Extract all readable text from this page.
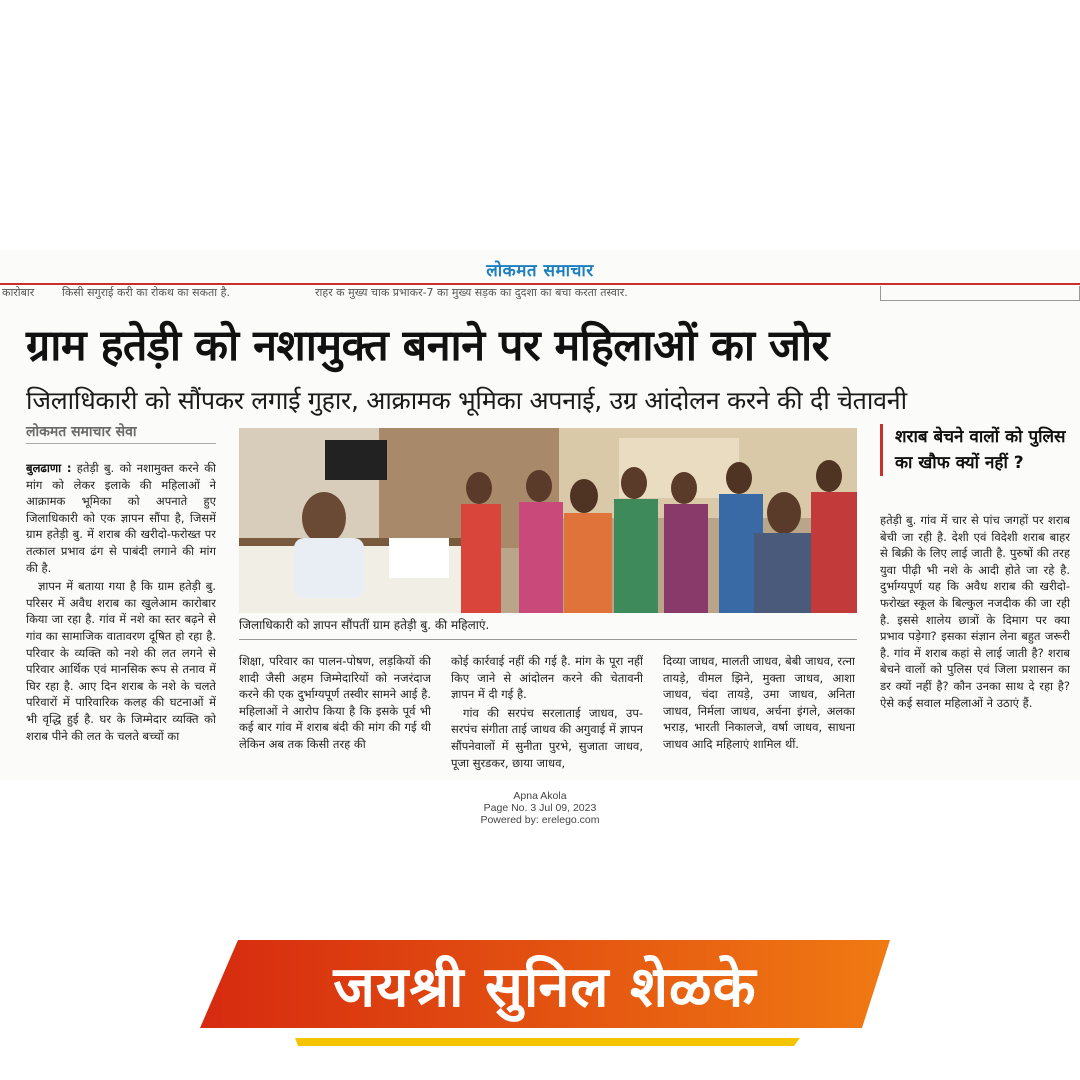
लोकमत समाचार
कारोबार	किसी सगुराई करी का रोकथ का सकता है.	राहर क मुख्य चाक प्रभाकर-7 का मुख्य सड़क का दुदशा का बचा करता तस्वार.
ग्राम हतेड़ी को नशामुक्त बनाने पर महिलाओं का जोर
जिलाधिकारी को सौंपकर लगाई गुहार, आक्रामक भूमिका अपनाई, उग्र आंदोलन करने की दी चेतावनी
लोकमत समाचार सेवा

बुलढाणा : हतेड़ी बु. को नशामुक्त करने की मांग को लेकर इलाके की महिलाओं ने आक्रामक भूमिका को अपनाते हुए जिलाधिकारी को एक ज्ञापन सौंपा है, जिसमें ग्राम हतेड़ी बु. में शराब की खरीदो-फरोख्त पर तत्काल प्रभाव ढंग से पाबंदी लगाने की मांग की है.

ज्ञापन में बताया गया है कि ग्राम हतेड़ी बु. परिसर में अवैध शराब का खुलेआम कारोबार किया जा रहा है. गांव में नशे का स्तर बढ़ने से गांव का सामाजिक वातावरण दूषित हो रहा है. परिवार के व्यक्ति को नशे की लत लगने से परिवार आर्थिक एवं मानसिक रूप से तनाव में घिर रहा है. आए दिन शराब के नशे के चलते परिवारों में पारिवारिक कलह की घटनाओं में भी वृद्धि हुई है. घर के जिम्मेदार व्यक्ति को शराब पीने की लत के चलते बच्चों का

जिलाधिकारी को ज्ञापन सौंपतीं ग्राम हतेड़ी बु. की महिलाएं.

शिक्षा, परिवार का पालन-पोषण, लड़कियों की शादी जैसी अहम जिम्मेदारियों को नजरंदाज करने की एक दुर्भाग्यपूर्ण तस्वीर सामने आई है. महिलाओं ने आरोप किया है कि इसके पूर्व भी कई बार गांव में शराब बंदी की मांग की गई थी लेकिन अब तक किसी तरह की

कोई कार्रवाई नहीं की गई है. मांग के पूरा नहीं किए जाने से आंदोलन करने की चेतावनी ज्ञापन में दी गई है.

गांव की सरपंच सरलाताई जाधव, उप-सरपंच संगीता ताई जाधव की अगुवाई में ज्ञापन सौंपनेवालों में सुनीता पुरभे, सुजाता जाधव, पूजा सुरडकर, छाया जाधव,

दिव्या जाधव, मालती जाधव, बेबी जाधव, रत्ना तायड़े, वीमल झिने, मुक्ता जाधव, आशा जाधव, चंदा तायड़े, उमा जाधव, अनिता जाधव, निर्मला जाधव, अर्चना इंगले, अलका भराड़, भारती निकालजे, वर्षा जाधव, साधना जाधव आदि महिलाएं शामिल थीं.

शराब बेचने वालों को पुलिस का खौफ क्यों नहीं ?

हतेड़ी बु. गांव में चार से पांच जगहों पर शराब बेची जा रही है. देशी एवं विदेशी शराब बाहर से बिक्री के लिए लाई जाती है. पुरुषों की तरह युवा पीढ़ी भी नशे के आदी होते जा रहे है. दुर्भाग्यपूर्ण यह कि अवैध शराब की खरीदो-फरोख्त स्कूल के बिल्कुल नजदीक की जा रही है. इससे शालेय छात्रों के दिमाग पर क्या प्रभाव पड़ेगा? इसका संज्ञान लेना बहुत जरूरी है. गांव में शराब कहां से लाई जाती है? शराब बेचने वालों को पुलिस एवं जिला प्रशासन का डर क्यों नहीं है? कौन उनका साथ दे रहा है? ऐसे कई सवाल महिलाओं ने उठाएं हैं.

Apna Akola
Page No. 3 Jul 09, 2023
Powered by: erelego.com
जयश्री सुनिल शेळके
